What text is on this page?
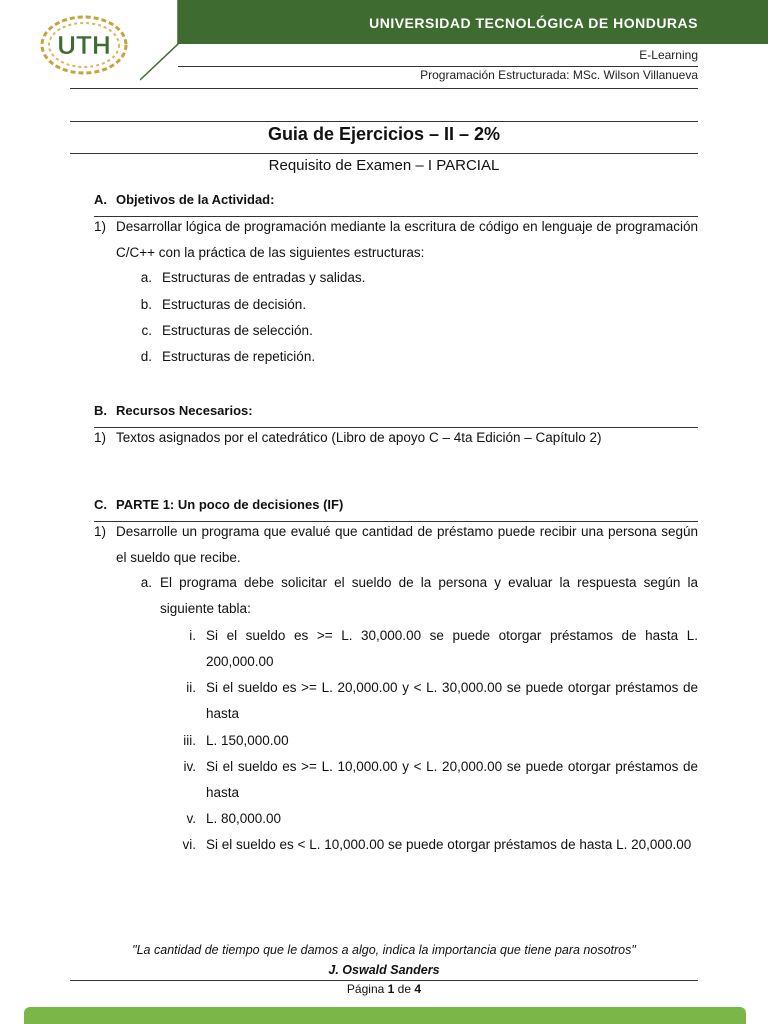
UTH
UNIVERSIDAD TECNOLÓGICA DE HONDURAS
E-Learning
Programación Estructurada: MSc. Wilson Villanueva
Guia de Ejercicios – II – 2%
Requisito de Examen – I PARCIAL
A. Objetivos de la Actividad:
1) Desarrollar lógica de programación mediante la escritura de código en lenguaje de programación C/C++ con la práctica de las siguientes estructuras:
a. Estructuras de entradas y salidas.
b. Estructuras de decisión.
c. Estructuras de selección.
d. Estructuras de repetición.
B. Recursos Necesarios:
1) Textos asignados por el catedrático (Libro de apoyo C – 4ta Edición – Capítulo 2)
C. PARTE 1: Un poco de decisiones (IF)
1) Desarrolle un programa que evalué que cantidad de préstamo puede recibir una persona según el sueldo que recibe.
a. El programa debe solicitar el sueldo de la persona y evaluar la respuesta según la siguiente tabla:
i. Si el sueldo es >= L. 30,000.00 se puede otorgar préstamos de hasta L. 200,000.00
ii. Si el sueldo es >= L. 20,000.00 y < L. 30,000.00 se puede otorgar préstamos de hasta
iii. L. 150,000.00
iv. Si el sueldo es >= L. 10,000.00 y < L. 20,000.00 se puede otorgar préstamos de hasta
v. L. 80,000.00
vi. Si el sueldo es < L. 10,000.00 se puede otorgar préstamos de hasta L. 20,000.00
"La cantidad de tiempo que le damos a algo, indica la importancia que tiene para nosotros"
J. Oswald Sanders
Página 1 de 4
